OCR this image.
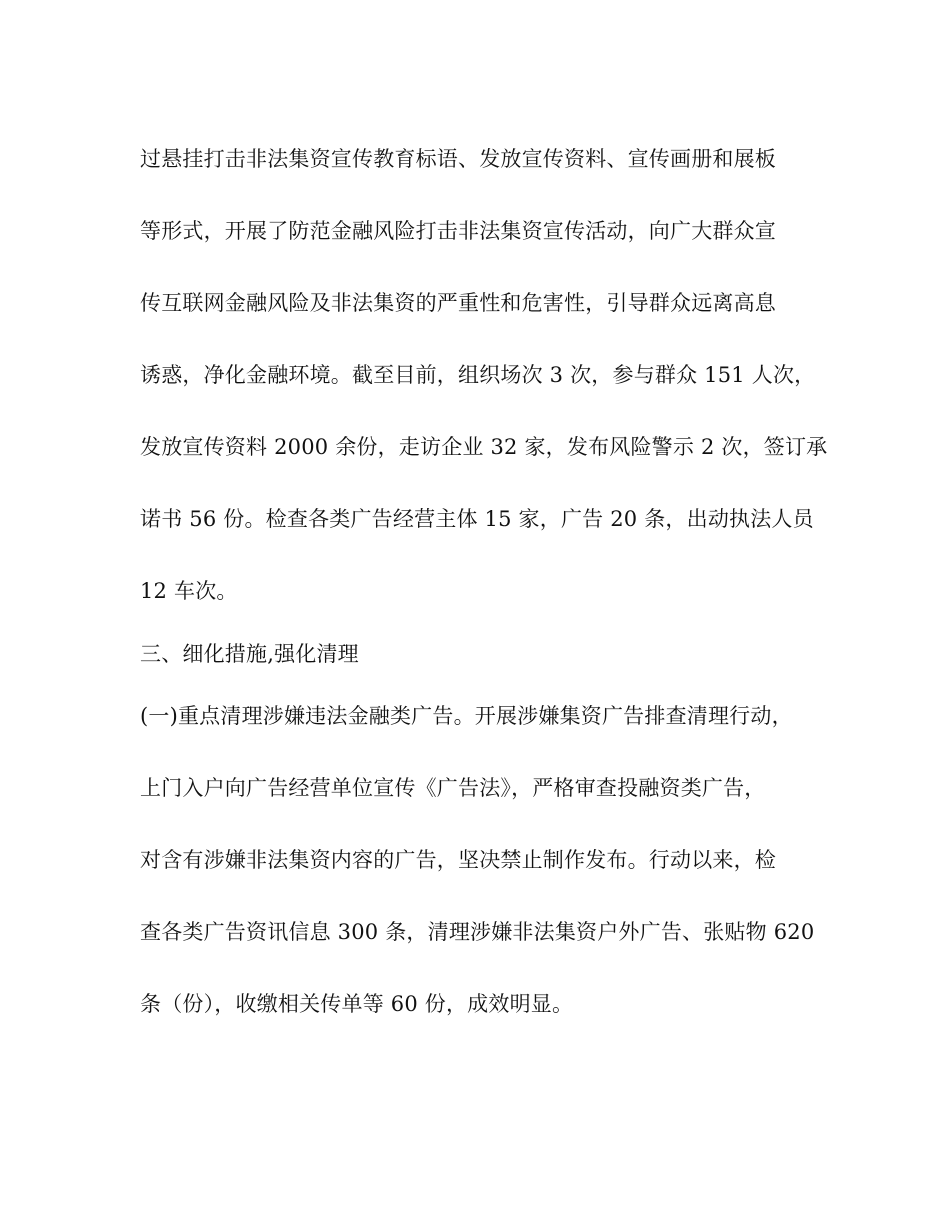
过悬挂打击非法集资宣传教育标语、发放宣传资料、宣传画册和展板
等形式，开展了防范金融风险打击非法集资宣传活动，向广大群众宣
传互联网金融风险及非法集资的严重性和危害性，引导群众远离高息
诱惑，净化金融环境。截至目前，组织场次 3 次，参与群众 151 人次，
发放宣传资料 2000 余份，走访企业 32 家，发布风险警示 2 次，签订承
诺书 56 份。检查各类广告经营主体 15 家，广告 20 条，出动执法人员
12 车次。
三、细化措施,强化清理
(一)重点清理涉嫌违法金融类广告。开展涉嫌集资广告排查清理行动，
上门入户向广告经营单位宣传《广告法》，严格审查投融资类广告，
对含有涉嫌非法集资内容的广告，坚决禁止制作发布。行动以来，检
查各类广告资讯信息 300 条，清理涉嫌非法集资户外广告、张贴物 620
条（份），收缴相关传单等 60 份，成效明显。
